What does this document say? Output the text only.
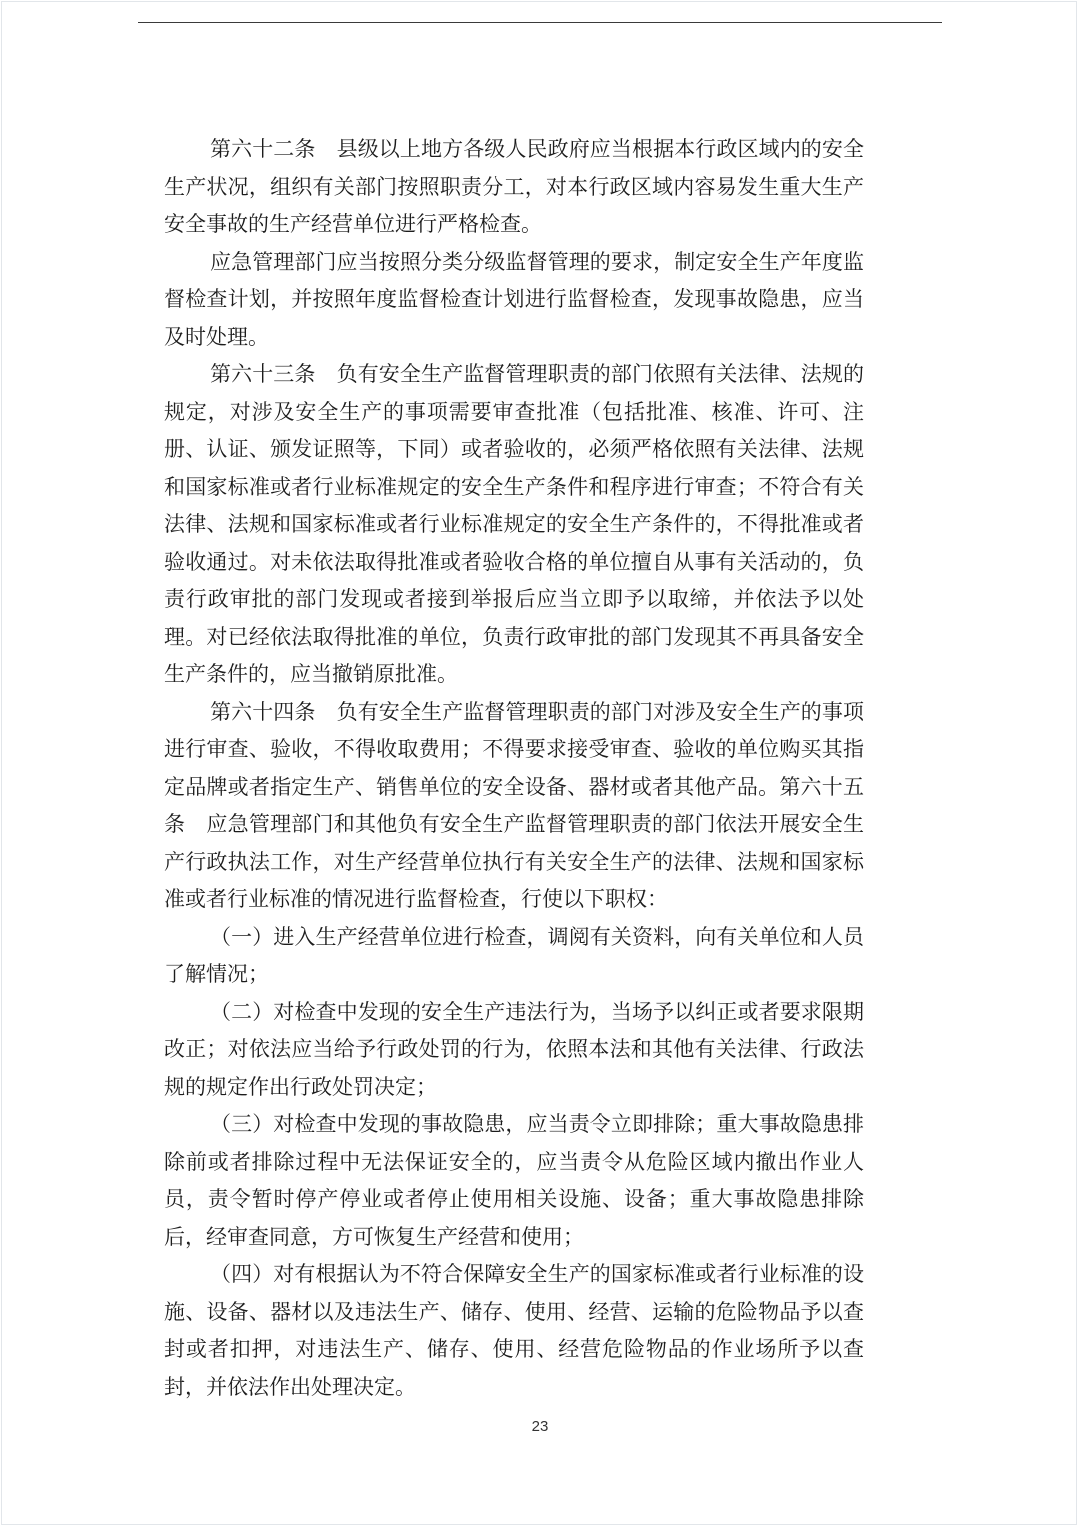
第六十二条　县级以上地方各级人民政府应当根据本行政区域内的安全生产状况，组织有关部门按照职责分工，对本行政区域内容易发生重大生产安全事故的生产经营单位进行严格检查。

应急管理部门应当按照分类分级监督管理的要求，制定安全生产年度监督检查计划，并按照年度监督检查计划进行监督检查，发现事故隐患，应当及时处理。

第六十三条　负有安全生产监督管理职责的部门依照有关法律、法规的规定，对涉及安全生产的事项需要审查批准（包括批准、核准、许可、注册、认证、颁发证照等，下同）或者验收的，必须严格依照有关法律、法规和国家标准或者行业标准规定的安全生产条件和程序进行审查；不符合有关法律、法规和国家标准或者行业标准规定的安全生产条件的，不得批准或者验收通过。对未依法取得批准或者验收合格的单位擅自从事有关活动的，负责行政审批的部门发现或者接到举报后应当立即予以取缔，并依法予以处理。对已经依法取得批准的单位，负责行政审批的部门发现其不再具备安全生产条件的，应当撤销原批准。

第六十四条　负有安全生产监督管理职责的部门对涉及安全生产的事项进行审查、验收，不得收取费用；不得要求接受审查、验收的单位购买其指定品牌或者指定生产、销售单位的安全设备、器材或者其他产品。第六十五条　应急管理部门和其他负有安全生产监督管理职责的部门依法开展安全生产行政执法工作，对生产经营单位执行有关安全生产的法律、法规和国家标准或者行业标准的情况进行监督检查，行使以下职权：

（一）进入生产经营单位进行检查，调阅有关资料，向有关单位和人员了解情况；

（二）对检查中发现的安全生产违法行为，当场予以纠正或者要求限期改正；对依法应当给予行政处罚的行为，依照本法和其他有关法律、行政法规的规定作出行政处罚决定；

（三）对检查中发现的事故隐患，应当责令立即排除；重大事故隐患排除前或者排除过程中无法保证安全的，应当责令从危险区域内撤出作业人员，责令暂时停产停业或者停止使用相关设施、设备；重大事故隐患排除后，经审查同意，方可恢复生产经营和使用；

（四）对有根据认为不符合保障安全生产的国家标准或者行业标准的设施、设备、器材以及违法生产、储存、使用、经营、运输的危险物品予以查封或者扣押，对违法生产、储存、使用、经营危险物品的作业场所予以查封，并依法作出处理决定。

23
